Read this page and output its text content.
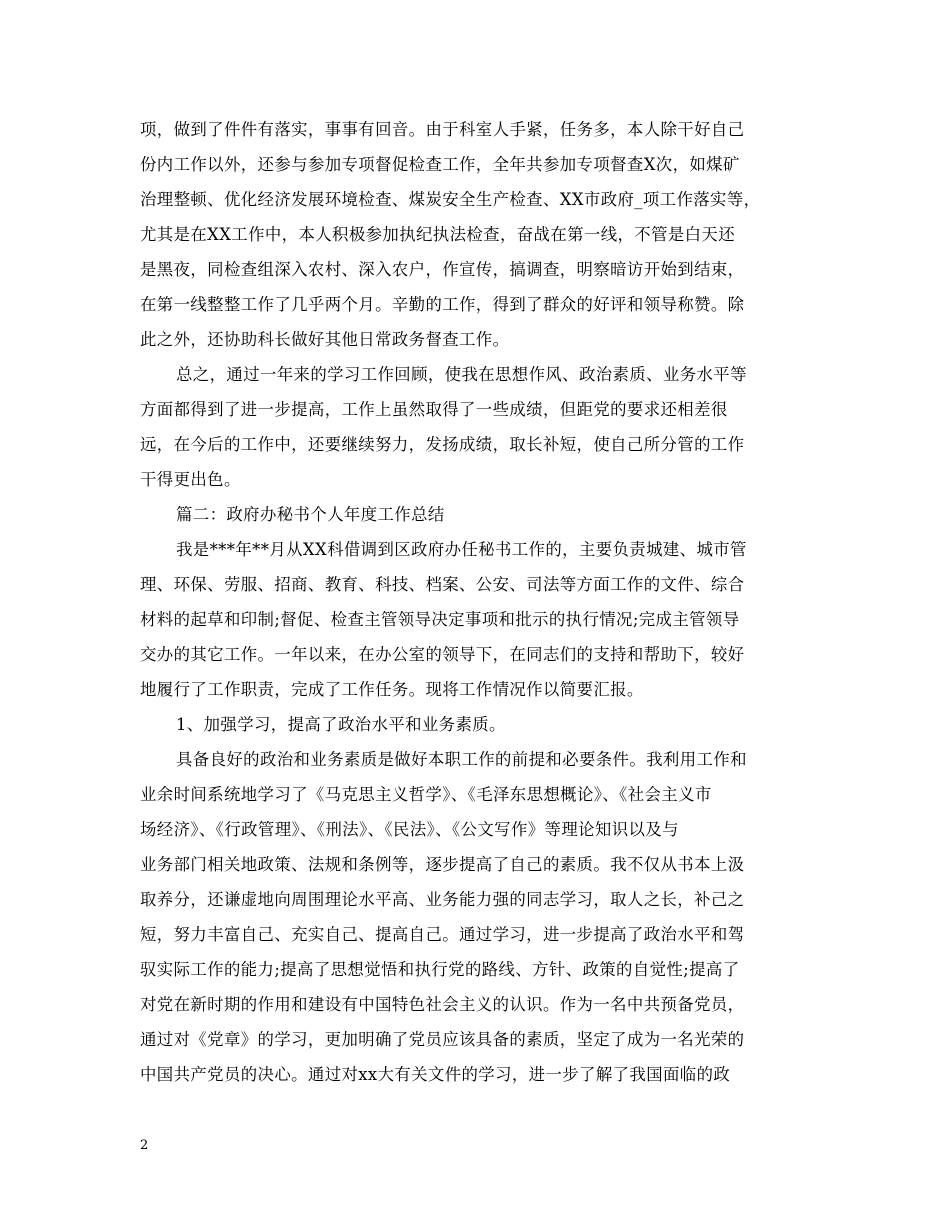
项，做到了件件有落实，事事有回音。由于科室人手紧，任务多，本人除干好自己
份内工作以外，还参与参加专项督促检查工作，全年共参加专项督查X次，如煤矿
治理整顿、优化经济发展环境检查、煤炭安全生产检查、XX市政府_项工作落实等，
尤其是在XX工作中，本人积极参加执纪执法检查，奋战在第一线，不管是白天还
是黑夜，同检查组深入农村、深入农户，作宣传，搞调查，明察暗访开始到结束，
在第一线整整工作了几乎两个月。辛勤的工作，得到了群众的好评和领导称赞。除
此之外，还协助科长做好其他日常政务督查工作。
总之，通过一年来的学习工作回顾，使我在思想作风、政治素质、业务水平等
方面都得到了进一步提高，工作上虽然取得了一些成绩，但距党的要求还相差很
远，在今后的工作中，还要继续努力，发扬成绩，取长补短，使自己所分管的工作
干得更出色。
篇二：政府办秘书个人年度工作总结
我是***年**月从XX科借调到区政府办任秘书工作的，主要负责城建、城市管
理、环保、劳服、招商、教育、科技、档案、公安、司法等方面工作的文件、综合
材料的起草和印制;督促、检查主管领导决定事项和批示的执行情况;完成主管领导
交办的其它工作。一年以来，在办公室的领导下，在同志们的支持和帮助下，较好
地履行了工作职责，完成了工作任务。现将工作情况作以简要汇报。
1、加强学习，提高了政治水平和业务素质。
具备良好的政治和业务素质是做好本职工作的前提和必要条件。我利用工作和
业余时间系统地学习了《马克思主义哲学》、《毛泽东思想概论》、《社会主义市
场经济》、《行政管理》、《刑法》、《民法》、《公文写作》等理论知识以及与
业务部门相关地政策、法规和条例等，逐步提高了自己的素质。我不仅从书本上汲
取养分，还谦虚地向周围理论水平高、业务能力强的同志学习，取人之长，补己之
短，努力丰富自己、充实自己、提高自己。通过学习，进一步提高了政治水平和驾
驭实际工作的能力;提高了思想觉悟和执行党的路线、方针、政策的自觉性;提高了
对党在新时期的作用和建设有中国特色社会主义的认识。作为一名中共预备党员，
通过对《党章》的学习，更加明确了党员应该具备的素质，坚定了成为一名光荣的
中国共产党员的决心。通过对xx大有关文件的学习，进一步了解了我国面临的政
2
